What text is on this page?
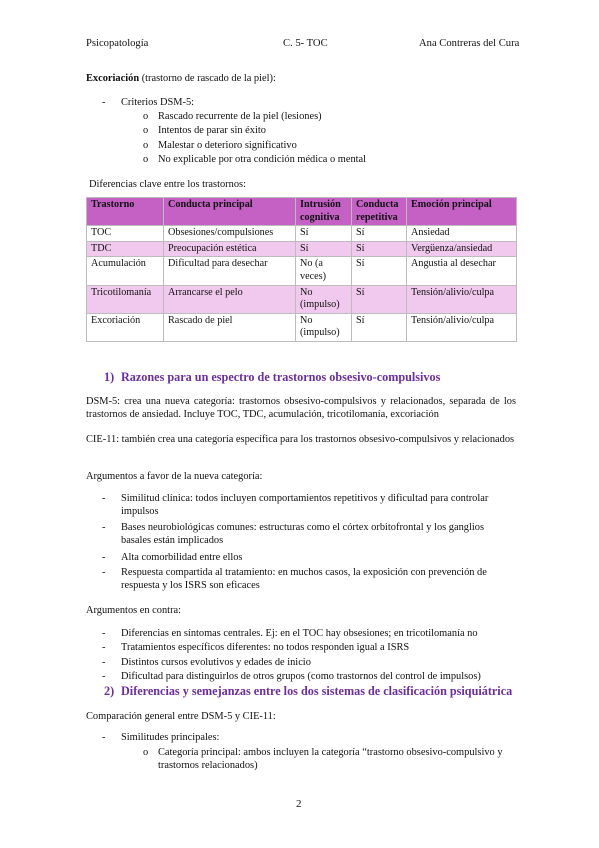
Psicopatología	C. 5- TOC	Ana Contreras del Cura
Excoriación (trastorno de rascado de la piel):
- Criterios DSM-5:
o Rascado recurrente de la piel (lesiones)
o Intentos de parar sin éxito
o Malestar o deterioro significativo
o No explicable por otra condición médica o mental
Diferencias clave entre los trastornos:
Trastorno	Conducta principal	Intrusión cognitiva	Conducta repetitiva	Emoción principal
TOC	Obsesiones/compulsiones	Sí	Sí	Ansiedad
TDC	Preocupación estética	Sí	Sí	Vergüenza/ansiedad
Acumulación	Dificultad para desechar	No (a veces)	Sí	Angustia al desechar
Tricotilomanía	Arrancarse el pelo	No (impulso)	Sí	Tensión/alivio/culpa
Excoriación	Rascado de piel	No (impulso)	Sí	Tensión/alivio/culpa
1) Razones para un espectro de trastornos obsesivo-compulsivos
DSM-5: crea una nueva categoría: trastornos obsesivo-compulsivos y relacionados, separada de los trastornos de ansiedad. Incluye TOC, TDC, acumulación, tricotilomanía, excoriación
CIE-11: también crea una categoría específica para los trastornos obsesivo-compulsivos y relacionados
Argumentos a favor de la nueva categoría:
- Similitud clínica: todos incluyen comportamientos repetitivos y dificultad para controlar impulsos
- Bases neurobiológicas comunes: estructuras como el córtex orbitofrontal y los ganglios basales están implicados
- Alta comorbilidad entre ellos
- Respuesta compartida al tratamiento: en muchos casos, la exposición con prevención de respuesta y los ISRS son eficaces
Argumentos en contra:
- Diferencias en síntomas centrales. Ej: en el TOC hay obsesiones; en tricotilomanía no
- Tratamientos específicos diferentes: no todos responden igual a ISRS
- Distintos cursos evolutivos y edades de inicio
- Dificultad para distinguirlos de otros grupos (como trastornos del control de impulsos)
2) Diferencias y semejanzas entre los dos sistemas de clasificación psiquiátrica
Comparación general entre DSM-5 y CIE-11:
- Similitudes principales:
o Categoría principal: ambos incluyen la categoría “trastorno obsesivo-compulsivo y trastornos relacionados)
2
